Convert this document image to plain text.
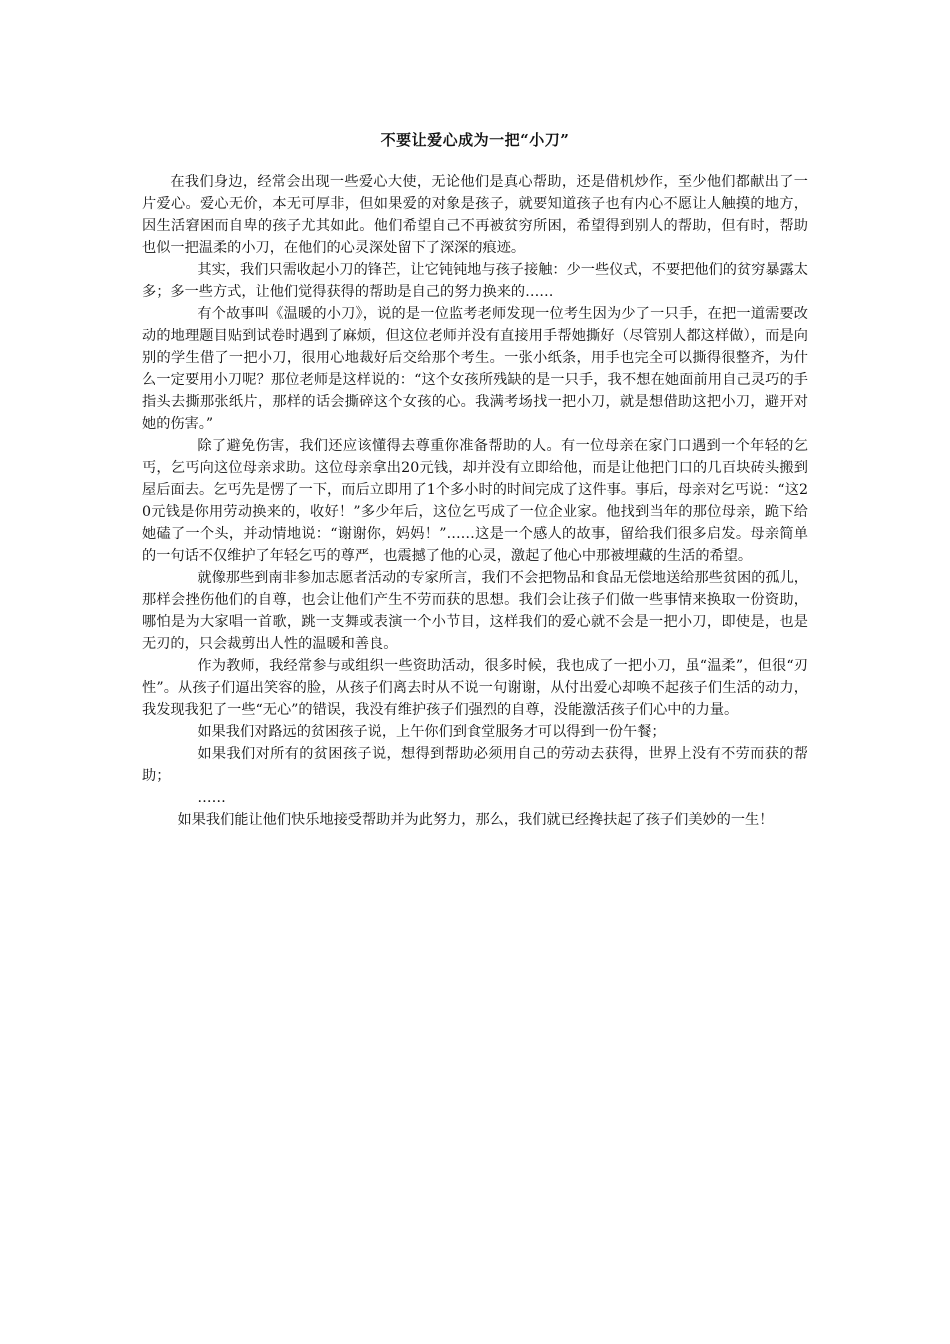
不要让爱心成为一把“小刀”

在我们身边，经常会出现一些爱心大使，无论他们是真心帮助，还是借机炒作，至少他们都献出了一片爱心。爱心无价，本无可厚非，但如果爱的对象是孩子，就要知道孩子也有内心不愿让人触摸的地方，因生活窘困而自卑的孩子尤其如此。他们希望自己不再被贫穷所困，希望得到别人的帮助，但有时，帮助也似一把温柔的小刀，在他们的心灵深处留下了深深的痕迹。

其实，我们只需收起小刀的锋芒，让它钝钝地与孩子接触：少一些仪式，不要把他们的贫穷暴露太多；多一些方式，让他们觉得获得的帮助是自己的努力换来的……

有个故事叫《温暖的小刀》，说的是一位监考老师发现一位考生因为少了一只手，在把一道需要改动的地理题目贴到试卷时遇到了麻烦，但这位老师并没有直接用手帮她撕好（尽管别人都这样做），而是向别的学生借了一把小刀，很用心地裁好后交给那个考生。一张小纸条，用手也完全可以撕得很整齐，为什么一定要用小刀呢？那位老师是这样说的：“这个女孩所残缺的是一只手，我不想在她面前用自己灵巧的手指头去撕那张纸片，那样的话会撕碎这个女孩的心。我满考场找一把小刀，就是想借助这把小刀，避开对她的伤害。”

除了避免伤害，我们还应该懂得去尊重你准备帮助的人。有一位母亲在家门口遇到一个年轻的乞丐，乞丐向这位母亲求助。这位母亲拿出20元钱，却并没有立即给他，而是让他把门口的几百块砖头搬到屋后面去。乞丐先是愣了一下，而后立即用了1个多小时的时间完成了这件事。事后，母亲对乞丐说：“这20元钱是你用劳动换来的，收好！”多少年后，这位乞丐成了一位企业家。他找到当年的那位母亲，跪下给她磕了一个头，并动情地说：“谢谢你，妈妈！”……这是一个感人的故事，留给我们很多启发。母亲简单的一句话不仅维护了年轻乞丐的尊严，也震撼了他的心灵，激起了他心中那被埋藏的生活的希望。

就像那些到南非参加志愿者活动的专家所言，我们不会把物品和食品无偿地送给那些贫困的孤儿，那样会挫伤他们的自尊，也会让他们产生不劳而获的思想。我们会让孩子们做一些事情来换取一份资助，哪怕是为大家唱一首歌，跳一支舞或表演一个小节目，这样我们的爱心就不会是一把小刀，即使是，也是无刃的，只会裁剪出人性的温暖和善良。

作为教师，我经常参与或组织一些资助活动，很多时候，我也成了一把小刀，虽“温柔”，但很“刃性”。从孩子们逼出笑容的脸，从孩子们离去时从不说一句谢谢，从付出爱心却唤不起孩子们生活的动力，我发现我犯了一些“无心”的错误，我没有维护孩子们强烈的自尊，没能激活孩子们心中的力量。

如果我们对路远的贫困孩子说，上午你们到食堂服务才可以得到一份午餐；

如果我们对所有的贫困孩子说，想得到帮助必须用自己的劳动去获得，世界上没有不劳而获的帮助；

……

如果我们能让他们快乐地接受帮助并为此努力，那么，我们就已经搀扶起了孩子们美妙的一生！
